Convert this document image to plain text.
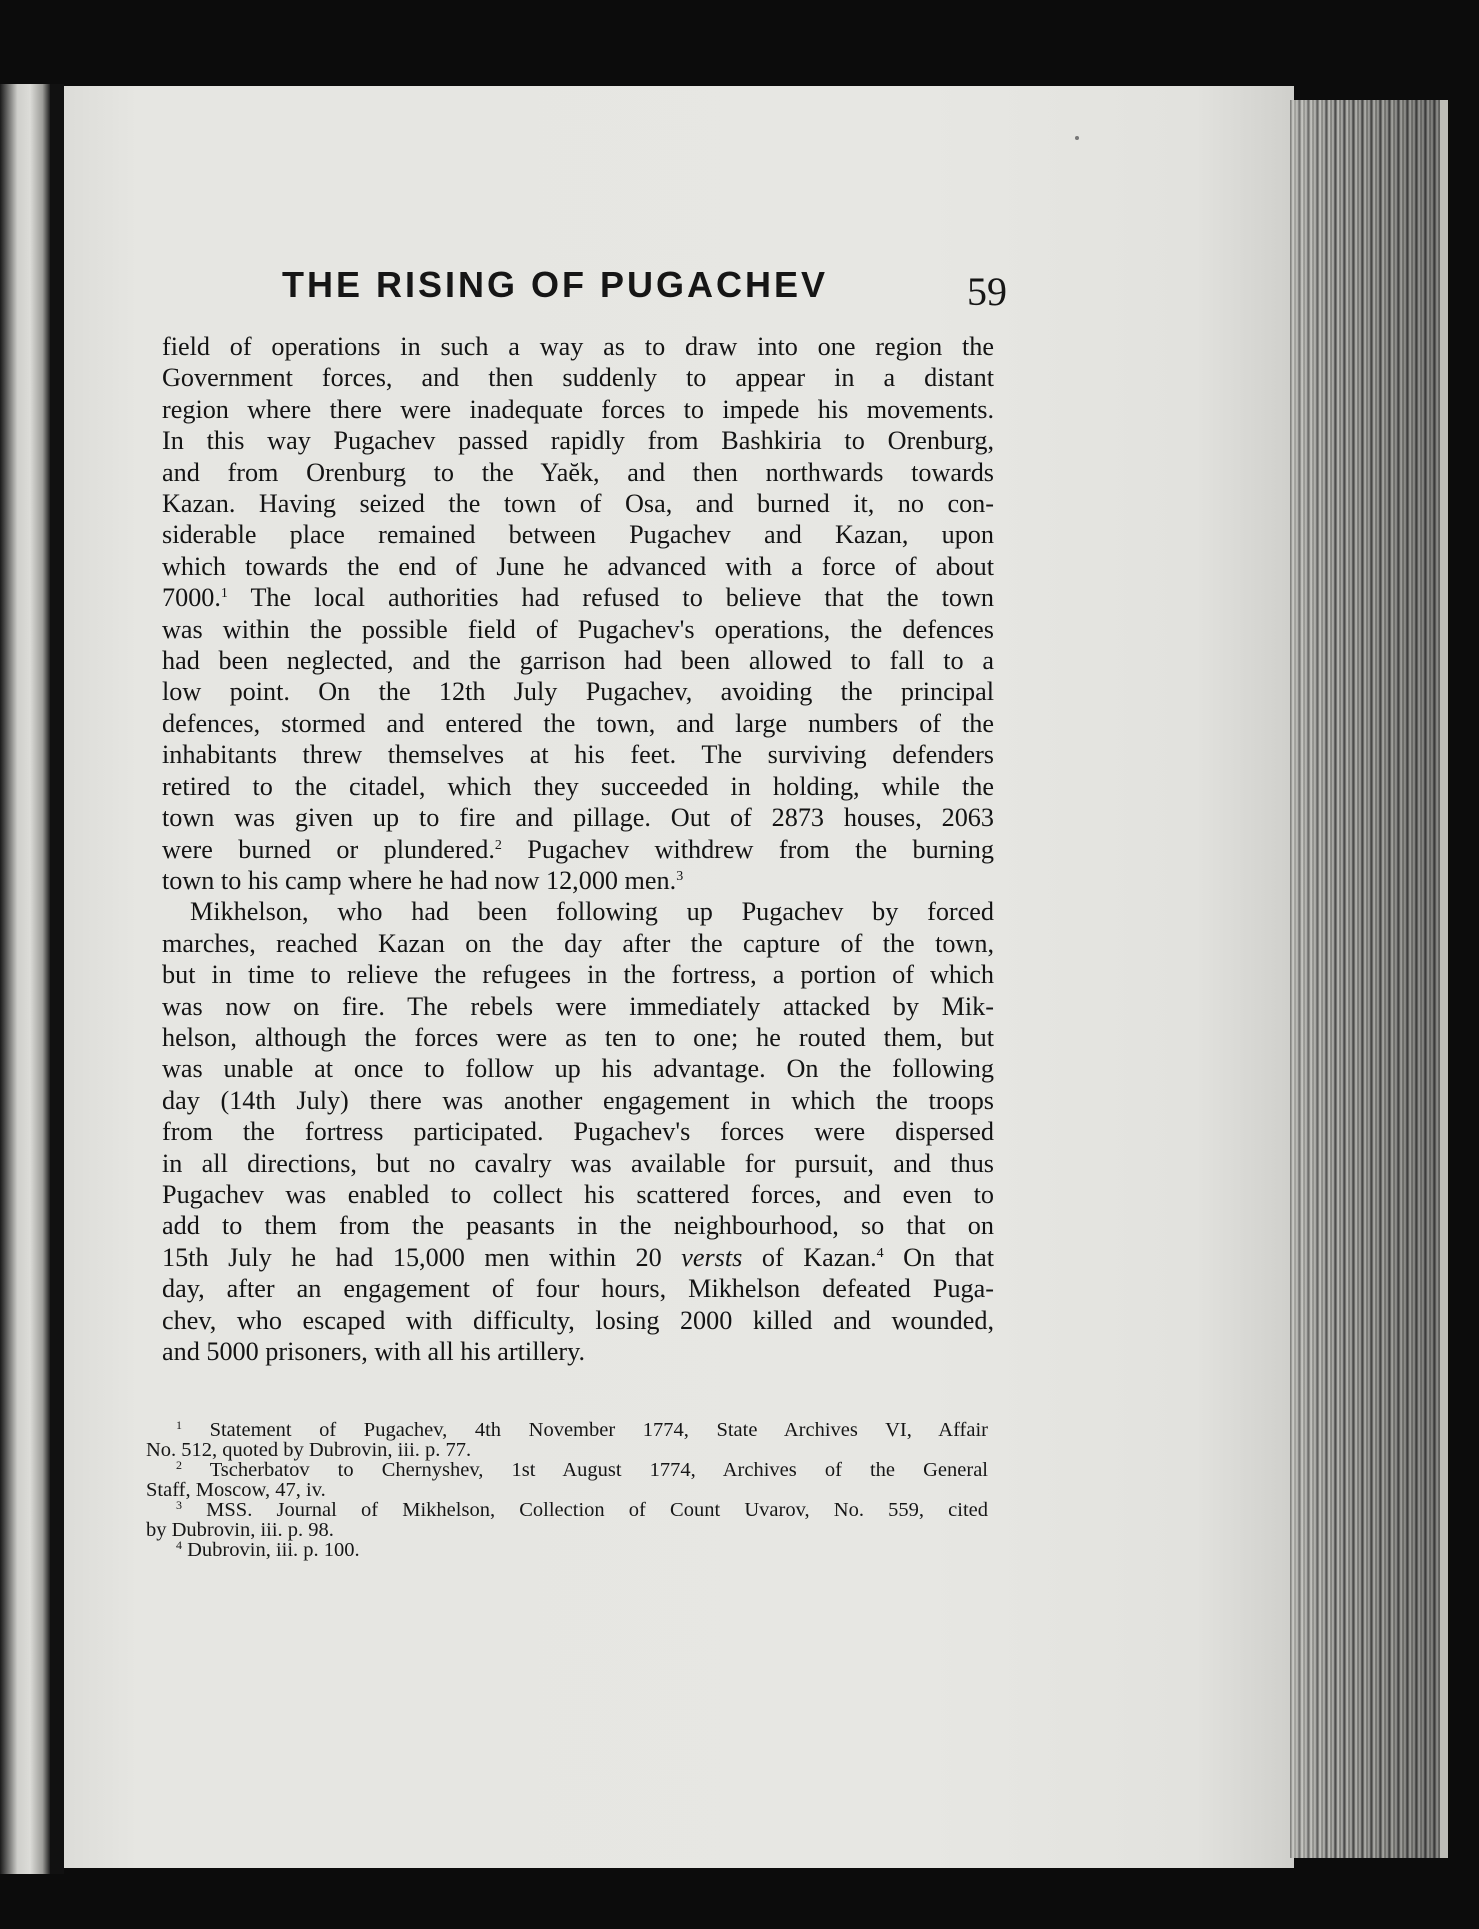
THE RISING OF PUGACHEV	59
field of operations in such a way as to draw into one region the
Government forces, and then suddenly to appear in a distant
region where there were inadequate forces to impede his movements.
In this way Pugachev passed rapidly from Bashkiria to Orenburg,
and from Orenburg to the Yaĕk, and then northwards towards
Kazan. Having seized the town of Osa, and burned it, no con-
siderable place remained between Pugachev and Kazan, upon
which towards the end of June he advanced with a force of about
7000.$^1$ The local authorities had refused to believe that the town
was within the possible field of Pugachev's operations, the defences
had been neglected, and the garrison had been allowed to fall to a
low point. On the 12th July Pugachev, avoiding the principal
defences, stormed and entered the town, and large numbers of the
inhabitants threw themselves at his feet. The surviving defenders
retired to the citadel, which they succeeded in holding, while the
town was given up to fire and pillage. Out of 2873 houses, 2063
were burned or plundered.$^2$ Pugachev withdrew from the burning
town to his camp where he had now 12,000 men.$^3$
Mikhelson, who had been following up Pugachev by forced
marches, reached Kazan on the day after the capture of the town,
but in time to relieve the refugees in the fortress, a portion of which
was now on fire. The rebels were immediately attacked by Mik-
helson, although the forces were as ten to one; he routed them, but
was unable at once to follow up his advantage. On the following
day (14th July) there was another engagement in which the troops
from the fortress participated. Pugachev's forces were dispersed
in all directions, but no cavalry was available for pursuit, and thus
Pugachev was enabled to collect his scattered forces, and even to
add to them from the peasants in the neighbourhood, so that on
15th July he had 15,000 men within 20 versts of Kazan.$^4$ On that
day, after an engagement of four hours, Mikhelson defeated Puga-
chev, who escaped with difficulty, losing 2000 killed and wounded,
and 5000 prisoners, with all his artillery.
$^1$ Statement of Pugachev, 4th November 1774, State Archives VI, Affair
No. 512, quoted by Dubrovin, iii. p. 77.
$^2$ Tscherbatov to Chernyshev, 1st August 1774, Archives of the General
Staff, Moscow, 47, iv.
$^3$ MSS. Journal of Mikhelson, Collection of Count Uvarov, No. 559, cited
by Dubrovin, iii. p. 98.
$^4$ Dubrovin, iii. p. 100.
